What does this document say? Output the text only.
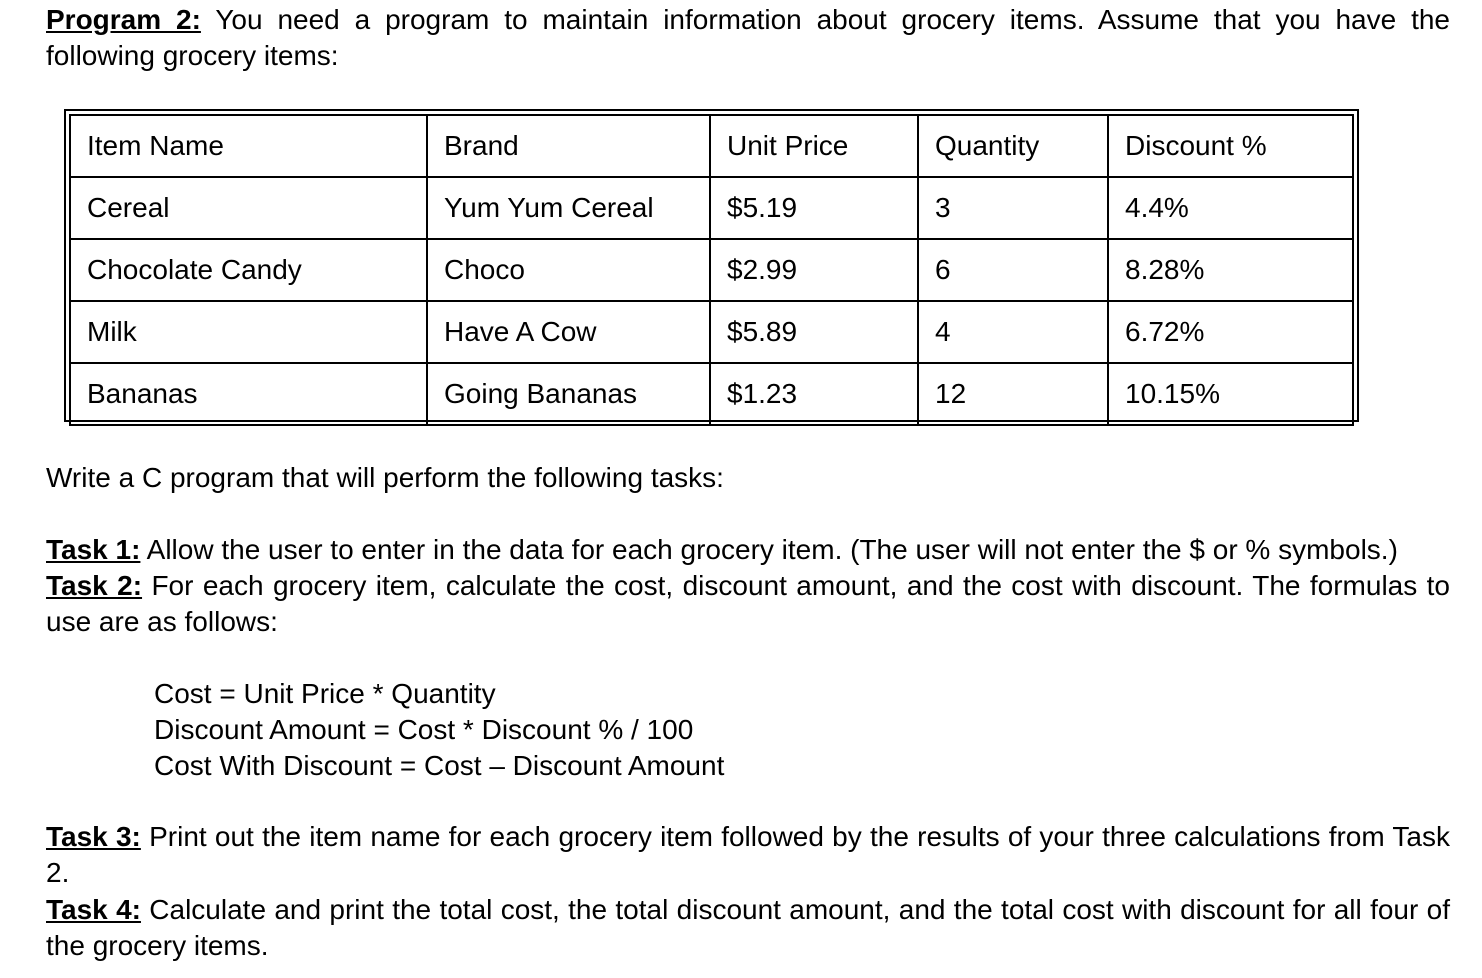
Program 2: You need a program to maintain information about grocery items. Assume that you have the following grocery items:

Item Name	Brand	Unit Price	Quantity	Discount %
Cereal	Yum Yum Cereal	$5.19	3	4.4%
Chocolate Candy	Choco	$2.99	6	8.28%
Milk	Have A Cow	$5.89	4	6.72%
Bananas	Going Bananas	$1.23	12	10.15%

Write a C program that will perform the following tasks:

Task 1: Allow the user to enter in the data for each grocery item. (The user will not enter the $ or % symbols.)

Task 2: For each grocery item, calculate the cost, discount amount, and the cost with discount. The formulas to use are as follows:

Cost = Unit Price * Quantity
Discount Amount = Cost * Discount % / 100
Cost With Discount = Cost – Discount Amount

Task 3: Print out the item name for each grocery item followed by the results of your three calculations from Task 2.

Task 4: Calculate and print the total cost, the total discount amount, and the total cost with discount for all four of the grocery items.
